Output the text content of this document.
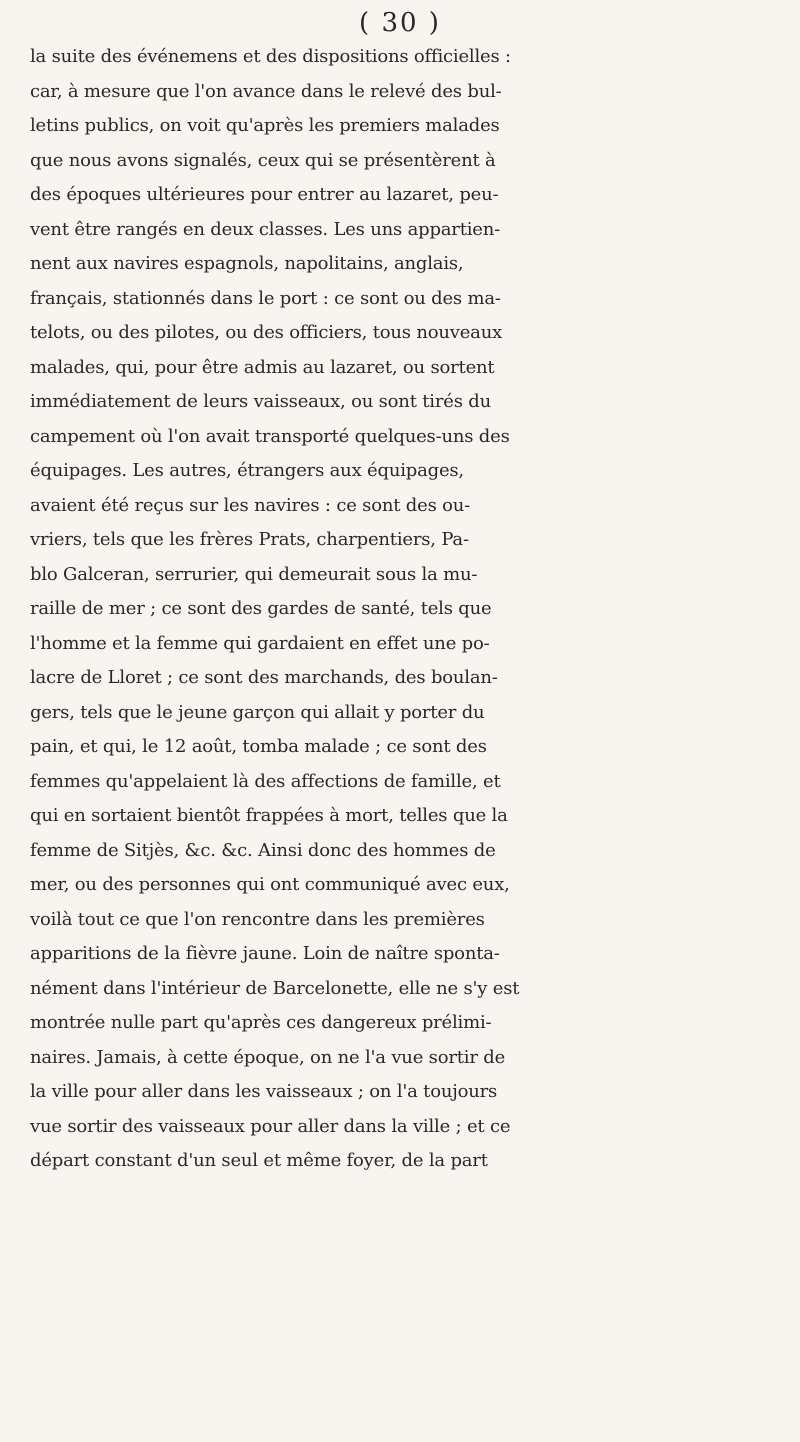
( 30 )
la suite des événemens et des dispositions officielles :
car, à mesure que l'on avance dans le relevé des bul-
letins publics, on voit qu'après les premiers malades
que nous avons signalés, ceux qui se présentèrent à
des époques ultérieures pour entrer au lazaret, peu-
vent être rangés en deux classes. Les uns appartien-
nent aux navires espagnols, napolitains, anglais,
français, stationnés dans le port : ce sont ou des ma-
telots, ou des pilotes, ou des officiers, tous nouveaux
malades, qui, pour être admis au lazaret, ou sortent
immédiatement de leurs vaisseaux, ou sont tirés du
campement où l'on avait transporté quelques-uns des
équipages. Les autres, étrangers aux équipages,
avaient été reçus sur les navires : ce sont des ou-
vriers, tels que les frères Prats, charpentiers, Pa-
blo Galceran, serrurier, qui demeurait sous la mu-
raille de mer ; ce sont des gardes de santé, tels que
l'homme et la femme qui gardaient en effet une po-
lacre de Lloret ; ce sont des marchands, des boulan-
gers, tels que le jeune garçon qui allait y porter du
pain, et qui, le 12 août, tomba malade ; ce sont des
femmes qu'appelaient là des affections de famille, et
qui en sortaient bientôt frappées à mort, telles que la
femme de Sitjès, &c. &c. Ainsi donc des hommes de
mer, ou des personnes qui ont communiqué avec eux,
voilà tout ce que l'on rencontre dans les premières
apparitions de la fièvre jaune. Loin de naître sponta-
nément dans l'intérieur de Barcelonette, elle ne s'y est
montrée nulle part qu'après ces dangereux prélimi-
naires. Jamais, à cette époque, on ne l'a vue sortir de
la ville pour aller dans les vaisseaux ; on l'a toujours
vue sortir des vaisseaux pour aller dans la ville ; et ce
départ constant d'un seul et même foyer, de la part
